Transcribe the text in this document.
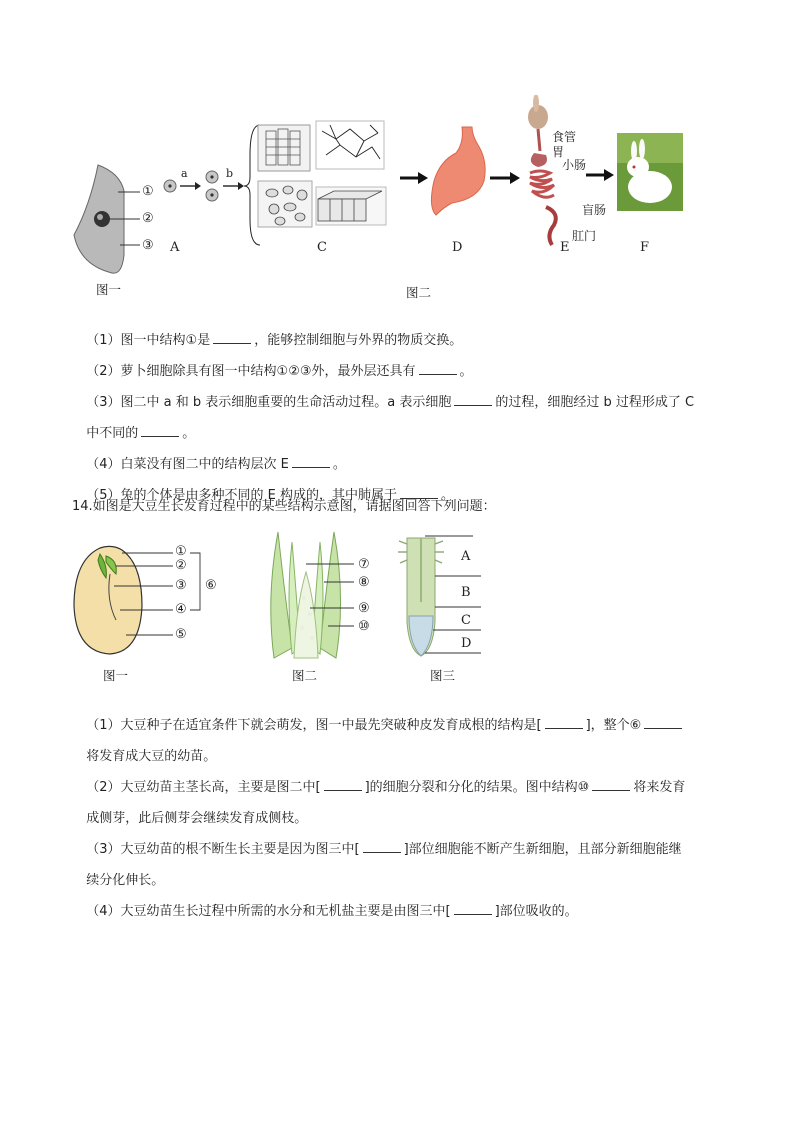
①
②
③
a	b
A	C	D	E	F
食管
胃
小肠
盲肠
肛门
图一	图二

（1）图一中结构①是	，能够控制细胞与外界的物质交换。

（2）萝卜细胞除具有图一中结构①②③外，最外层还具有	。

（3）图二中 a 和 b 表示细胞重要的生命活动过程。a 表示细胞	的过程，细胞经过 b 过程形成了 C

中不同的	。

（4）白菜没有图二中的结构层次 E	。

（5）兔的个体是由多种不同的 E 构成的，其中肺属于	。

14.如图是大豆生长发育过程中的某些结构示意图，请据图回答下列问题：
①
②
③
④
⑤
⑥
⑦
⑧
⑨
⑩
A
B
C
D
图一	图二	图三

（1）大豆种子在适宜条件下就会萌发，图一中最先突破种皮发育成根的结构是[	]，整个⑥

将发育成大豆的幼苗。

（2）大豆幼苗主茎长高，主要是图二中[	]的细胞分裂和分化的结果。图中结构⑩	将来发育

成侧芽，此后侧芽会继续发育成侧枝。

（3）大豆幼苗的根不断生长主要是因为图三中[	]部位细胞能不断产生新细胞，且部分新细胞能继

续分化伸长。

（4）大豆幼苗生长过程中所需的水分和无机盐主要是由图三中[	]部位吸收的。
